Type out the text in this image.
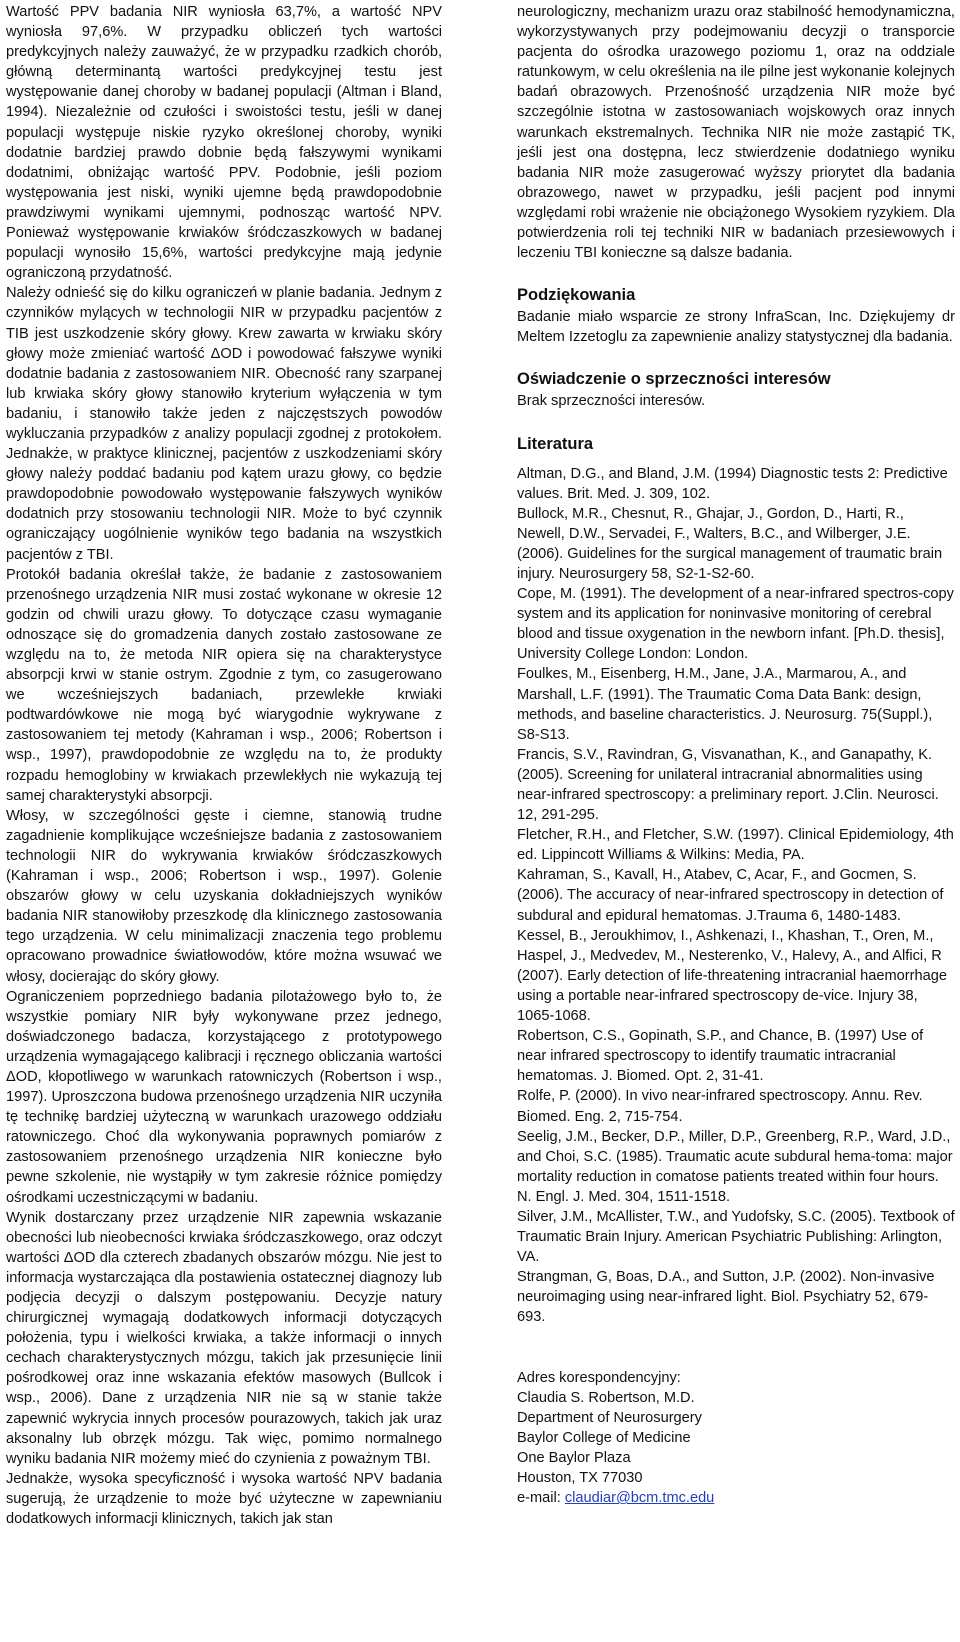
Wartość PPV badania NIR wyniosła 63,7%, a wartość NPV wyniosła 97,6%. W przypadku obliczeń tych wartości predykcyjnych należy zauważyć, że w przypadku rzadkich chorób, główną determinantą wartości predykcyjnej testu jest występowanie danej choroby w badanej populacji (Altman i Bland, 1994). Niezależnie od czułości i swoistości testu, jeśli w danej populacji występuje niskie ryzyko określonej choroby, wyniki dodatnie bardziej prawdo dobnie będą fałszywymi wynikami dodatnimi, obniżając wartość PPV. Podobnie, jeśli poziom występowania jest niski, wyniki ujemne będą prawdopodobnie prawdziwymi wynikami ujemnymi, podnosząc wartość NPV. Ponieważ występowanie krwiaków śródczaszkowych w badanej populacji wynosiło 15,6%, wartości predykcyjne mają jedynie ograniczoną przydatność.

Należy odnieść się do kilku ograniczeń w planie badania. Jednym z czynników mylących w technologii NIR w przypadku pacjentów z TIB jest uszkodzenie skóry głowy. Krew zawarta w krwiaku skóry głowy może zmieniać wartość ΔOD i powodować fałszywe wyniki dodatnie badania z zastosowaniem NIR. Obecność rany szarpanej lub krwiaka skóry głowy stanowiło kryterium wyłączenia w tym badaniu, i stanowiło także jeden z najczęstszych powodów wykluczania przypadków z analizy populacji zgodnej z protokołem. Jednakże, w praktyce klinicznej, pacjentów z uszkodzeniami skóry głowy należy poddać badaniu pod kątem urazu głowy, co będzie prawdopodobnie powodowało występowanie fałszywych wyników dodatnich przy stosowaniu technologii NIR. Może to być czynnik ograniczający uogólnienie wyników tego badania na wszystkich pacjentów z TBI.

Protokół badania określał także, że badanie z zastosowaniem przenośnego urządzenia NIR musi zostać wykonane w okresie 12 godzin od chwili urazu głowy. To dotyczące czasu wymaganie odnoszące się do gromadzenia danych zostało zastosowane ze względu na to, że metoda NIR opiera się na charakterystyce absorpcji krwi w stanie ostrym. Zgodnie z tym, co zasugerowano we wcześniejszych badaniach, przewlekłe krwiaki podtwardówkowe nie mogą być wiarygodnie wykrywane z zastosowaniem tej metody (Kahraman i wsp., 2006; Robertson i wsp., 1997), prawdopodobnie ze względu na to, że produkty rozpadu hemoglobiny w krwiakach przewlekłych nie wykazują tej samej charakterystyki absorpcji.

Włosy, w szczególności gęste i ciemne, stanowią trudne zagadnienie komplikujące wcześniejsze badania z zastosowaniem technologii NIR do wykrywania krwiaków śródczaszkowych (Kahraman i wsp., 2006; Robertson i wsp., 1997). Golenie obszarów głowy w celu uzyskania dokładniejszych wyników badania NIR stanowiłoby przeszkodę dla klinicznego zastosowania tego urządzenia. W celu minimalizacji znaczenia tego problemu opracowano prowadnice światłowodów, które można wsuwać we włosy, docierając do skóry głowy.

Ograniczeniem poprzedniego badania pilotażowego było to, że wszystkie pomiary NIR były wykonywane przez jednego, doświadczonego badacza, korzystającego z prototypowego urządzenia wymagającego kalibracji i ręcznego obliczania wartości ΔOD, kłopotliwego w warunkach ratowniczych (Robertson i wsp., 1997). Uproszczona budowa przenośnego urządzenia NIR uczyniła tę technikę bardziej użyteczną w warunkach urazowego oddziału ratowniczego. Choć dla wykonywania poprawnych pomiarów z zastosowaniem przenośnego urządzenia NIR konieczne było pewne szkolenie, nie wystąpiły w tym zakresie różnice pomiędzy ośrodkami uczestniczącymi w badaniu.

Wynik dostarczany przez urządzenie NIR zapewnia wskazanie obecności lub nieobecności krwiaka śródczaszkowego, oraz odczyt wartości ΔOD dla czterech zbadanych obszarów mózgu. Nie jest to informacja wystarczająca dla postawienia ostatecznej diagnozy lub podjęcia decyzji o dalszym postępowaniu. Decyzje natury chirurgicznej wymagają dodatkowych informacji dotyczących położenia, typu i wielkości krwiaka, a także informacji o innych cechach charakterystycznych mózgu, takich jak przesunięcie linii pośrodkowej oraz inne wskazania efektów masowych (Bullcok i wsp., 2006). Dane z urządzenia NIR nie są w stanie także zapewnić wykrycia innych procesów pourazowych, takich jak uraz aksonalny lub obrzęk mózgu. Tak więc, pomimo normalnego wyniku badania NIR możemy mieć do czynienia z poważnym TBI.

Jednakże, wysoka specyficzność i wysoka wartość NPV badania sugerują, że urządzenie to może być użyteczne w zapewnianiu dodatkowych informacji klinicznych, takich jak stan

neurologiczny, mechanizm urazu oraz stabilność hemodynamiczna, wykorzystywanych przy podejmowaniu decyzji o transporcie pacjenta do ośrodka urazowego poziomu 1, oraz na oddziale ratunkowym, w celu określenia na ile pilne jest wykonanie kolejnych badań obrazowych. Przenośność urządzenia NIR może być szczególnie istotna w zastosowaniach wojskowych oraz innych warunkach ekstremalnych. Technika NIR nie może zastąpić TK, jeśli jest ona dostępna, lecz stwierdzenie dodatniego wyniku badania NIR może zasugerować wyższy priorytet dla badania obrazowego, nawet w przypadku, jeśli pacjent pod innymi względami robi wrażenie nie obciążonego Wysokiem ryzykiem. Dla potwierdzenia roli tej techniki NIR w badaniach przesiewowych i leczeniu TBI konieczne są dalsze badania.

Podziękowania

Badanie miało wsparcie ze strony InfraScan, Inc. Dziękujemy dr Meltem Izzetoglu za zapewnienie analizy statystycznej dla badania.

Oświadczenie o sprzeczności interesów

Brak sprzeczności interesów.

Literatura

Altman, D.G., and Bland, J.M. (1994) Diagnostic tests 2: Predictive values. Brit. Med. J. 309, 102.

Bullock, M.R., Chesnut, R., Ghajar, J., Gordon, D., Harti, R., Newell, D.W., Servadei, F., Walters, B.C., and Wilberger, J.E. (2006). Guidelines for the surgical management of traumatic brain injury. Neurosurgery 58, S2-1-S2-60.

Cope, M. (1991). The development of a near-infrared spectros-copy system and its application for noninvasive monitoring of cerebral blood and tissue oxygenation in the newborn infant. [Ph.D. thesis], University College London: London.

Foulkes, M., Eisenberg, H.M., Jane, J.A., Marmarou, A., and Marshall, L.F. (1991). The Traumatic Coma Data Bank: design, methods, and baseline characteristics. J. Neurosurg. 75(Suppl.), S8-S13.

Francis, S.V., Ravindran, G, Visvanathan, K., and Ganapathy, K. (2005). Screening for unilateral intracranial abnormalities using near-infrared spectroscopy: a preliminary report. J.Clin. Neurosci. 12, 291-295.

Fletcher, R.H., and Fletcher, S.W. (1997). Clinical Epidemiology, 4th ed. Lippincott Williams & Wilkins: Media, PA.

Kahraman, S., Kavall, H., Atabev, C, Acar, F., and Gocmen, S. (2006). The accuracy of near-infrared spectroscopy in detection of subdural and epidural hematomas. J.Trauma 6, 1480-1483.

Kessel, B., Jeroukhimov, I., Ashkenazi, I., Khashan, T., Oren, M., Haspel, J., Medvedev, M., Nesterenko, V., Halevy, A., and Alfici, R (2007). Early detection of life-threatening intracranial haemorrhage using a portable near-infrared spectroscopy de-vice. Injury 38, 1065-1068.

Robertson, C.S., Gopinath, S.P., and Chance, B. (1997) Use of near infrared spectroscopy to identify traumatic intracranial hematomas. J. Biomed. Opt. 2, 31-41.

Rolfe, P. (2000). In vivo near-infrared spectroscopy. Annu. Rev. Biomed. Eng. 2, 715-754.

Seelig, J.M., Becker, D.P., Miller, D.P., Greenberg, R.P., Ward, J.D., and Choi, S.C. (1985). Traumatic acute subdural hema-toma: major mortality reduction in comatose patients treated within four hours. N. Engl. J. Med. 304, 1511-1518.

Silver, J.M., McAllister, T.W., and Yudofsky, S.C. (2005). Textbook of Traumatic Brain Injury. American Psychiatric Publishing: Arlington, VA.

Strangman, G, Boas, D.A., and Sutton, J.P. (2002). Non-invasive neuroimaging using near-infrared light. Biol. Psychiatry 52, 679-693.

Adres korespondencyjny:

Claudia S. Robertson, M.D.

Department of Neurosurgery

Baylor College of Medicine

One Baylor Plaza

Houston, TX 77030

e-mail: claudiar@bcm.tmc.edu
